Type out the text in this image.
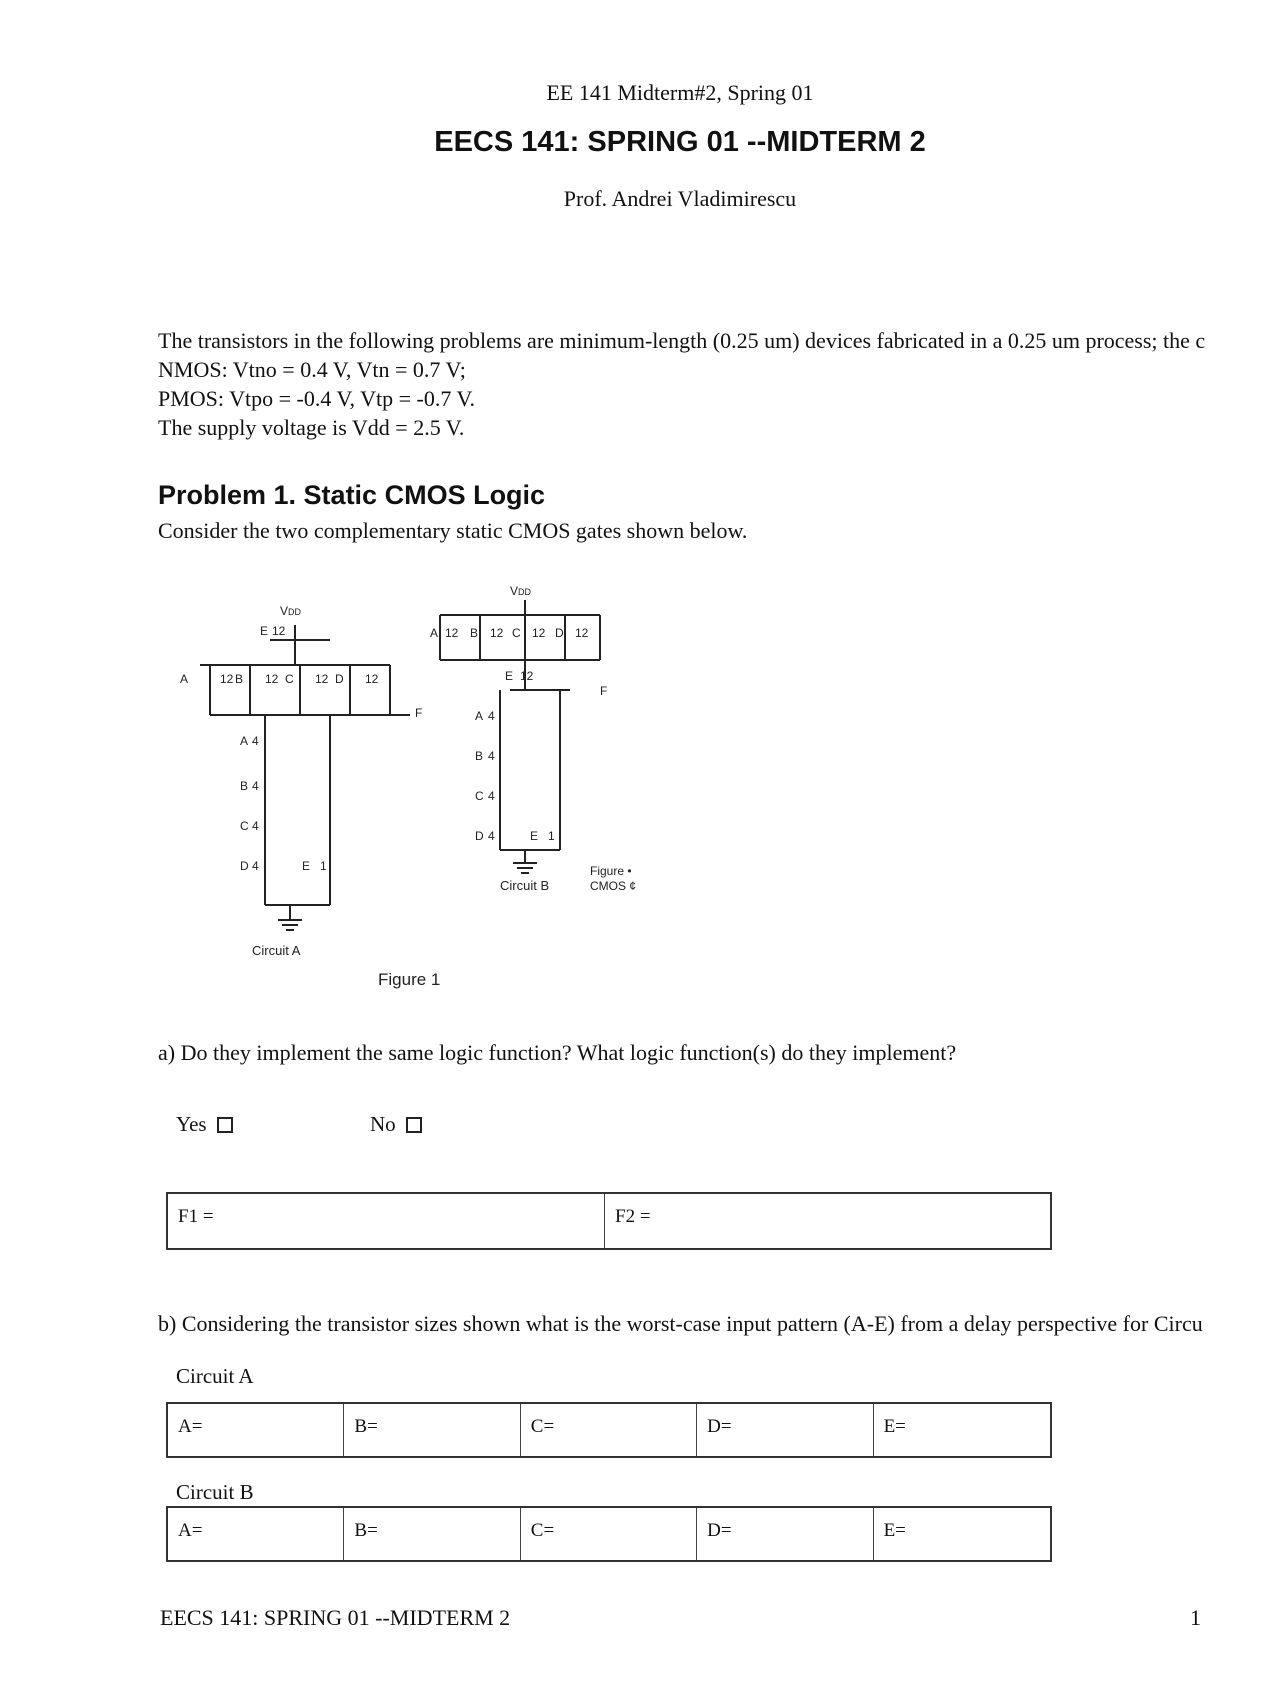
EE 141 Midterm#2, Spring 01
EECS 141: SPRING 01 --MIDTERM 2
Prof. Andrei Vladimirescu
The transistors in the following problems are minimum-length (0.25 um) devices fabricated in a 0.25 um process; the c
NMOS: Vtno = 0.4 V, Vtn = 0.7 V;
PMOS: Vtpo = -0.4 V, Vtp = -0.7 V.
The supply voltage is Vdd = 2.5 V.
Problem 1. Static CMOS Logic
Consider the two complementary static CMOS gates shown below.
VDD
VDD
E 12
A	12 B 12 C 12 D 12
F
A 4
B 4
C 4
D 4	E 1
Circuit A
A 12 B 12 C 12 D 12
E 12
F
A 4
B 4
C 4
D 4	E 1
Circuit B
Figure •
CMOS ¢
Figure 1
a) Do they implement the same logic function? What logic function(s) do they implement?
Yes	No
F1 =	F2 =
b) Considering the transistor sizes shown what is the worst-case input pattern (A-E) from a delay perspective for Circu
Circuit A
A=	B=	C=	D=	E=
Circuit B
A=	B=	C=	D=	E=
EECS 141: SPRING 01 --MIDTERM 2	1
